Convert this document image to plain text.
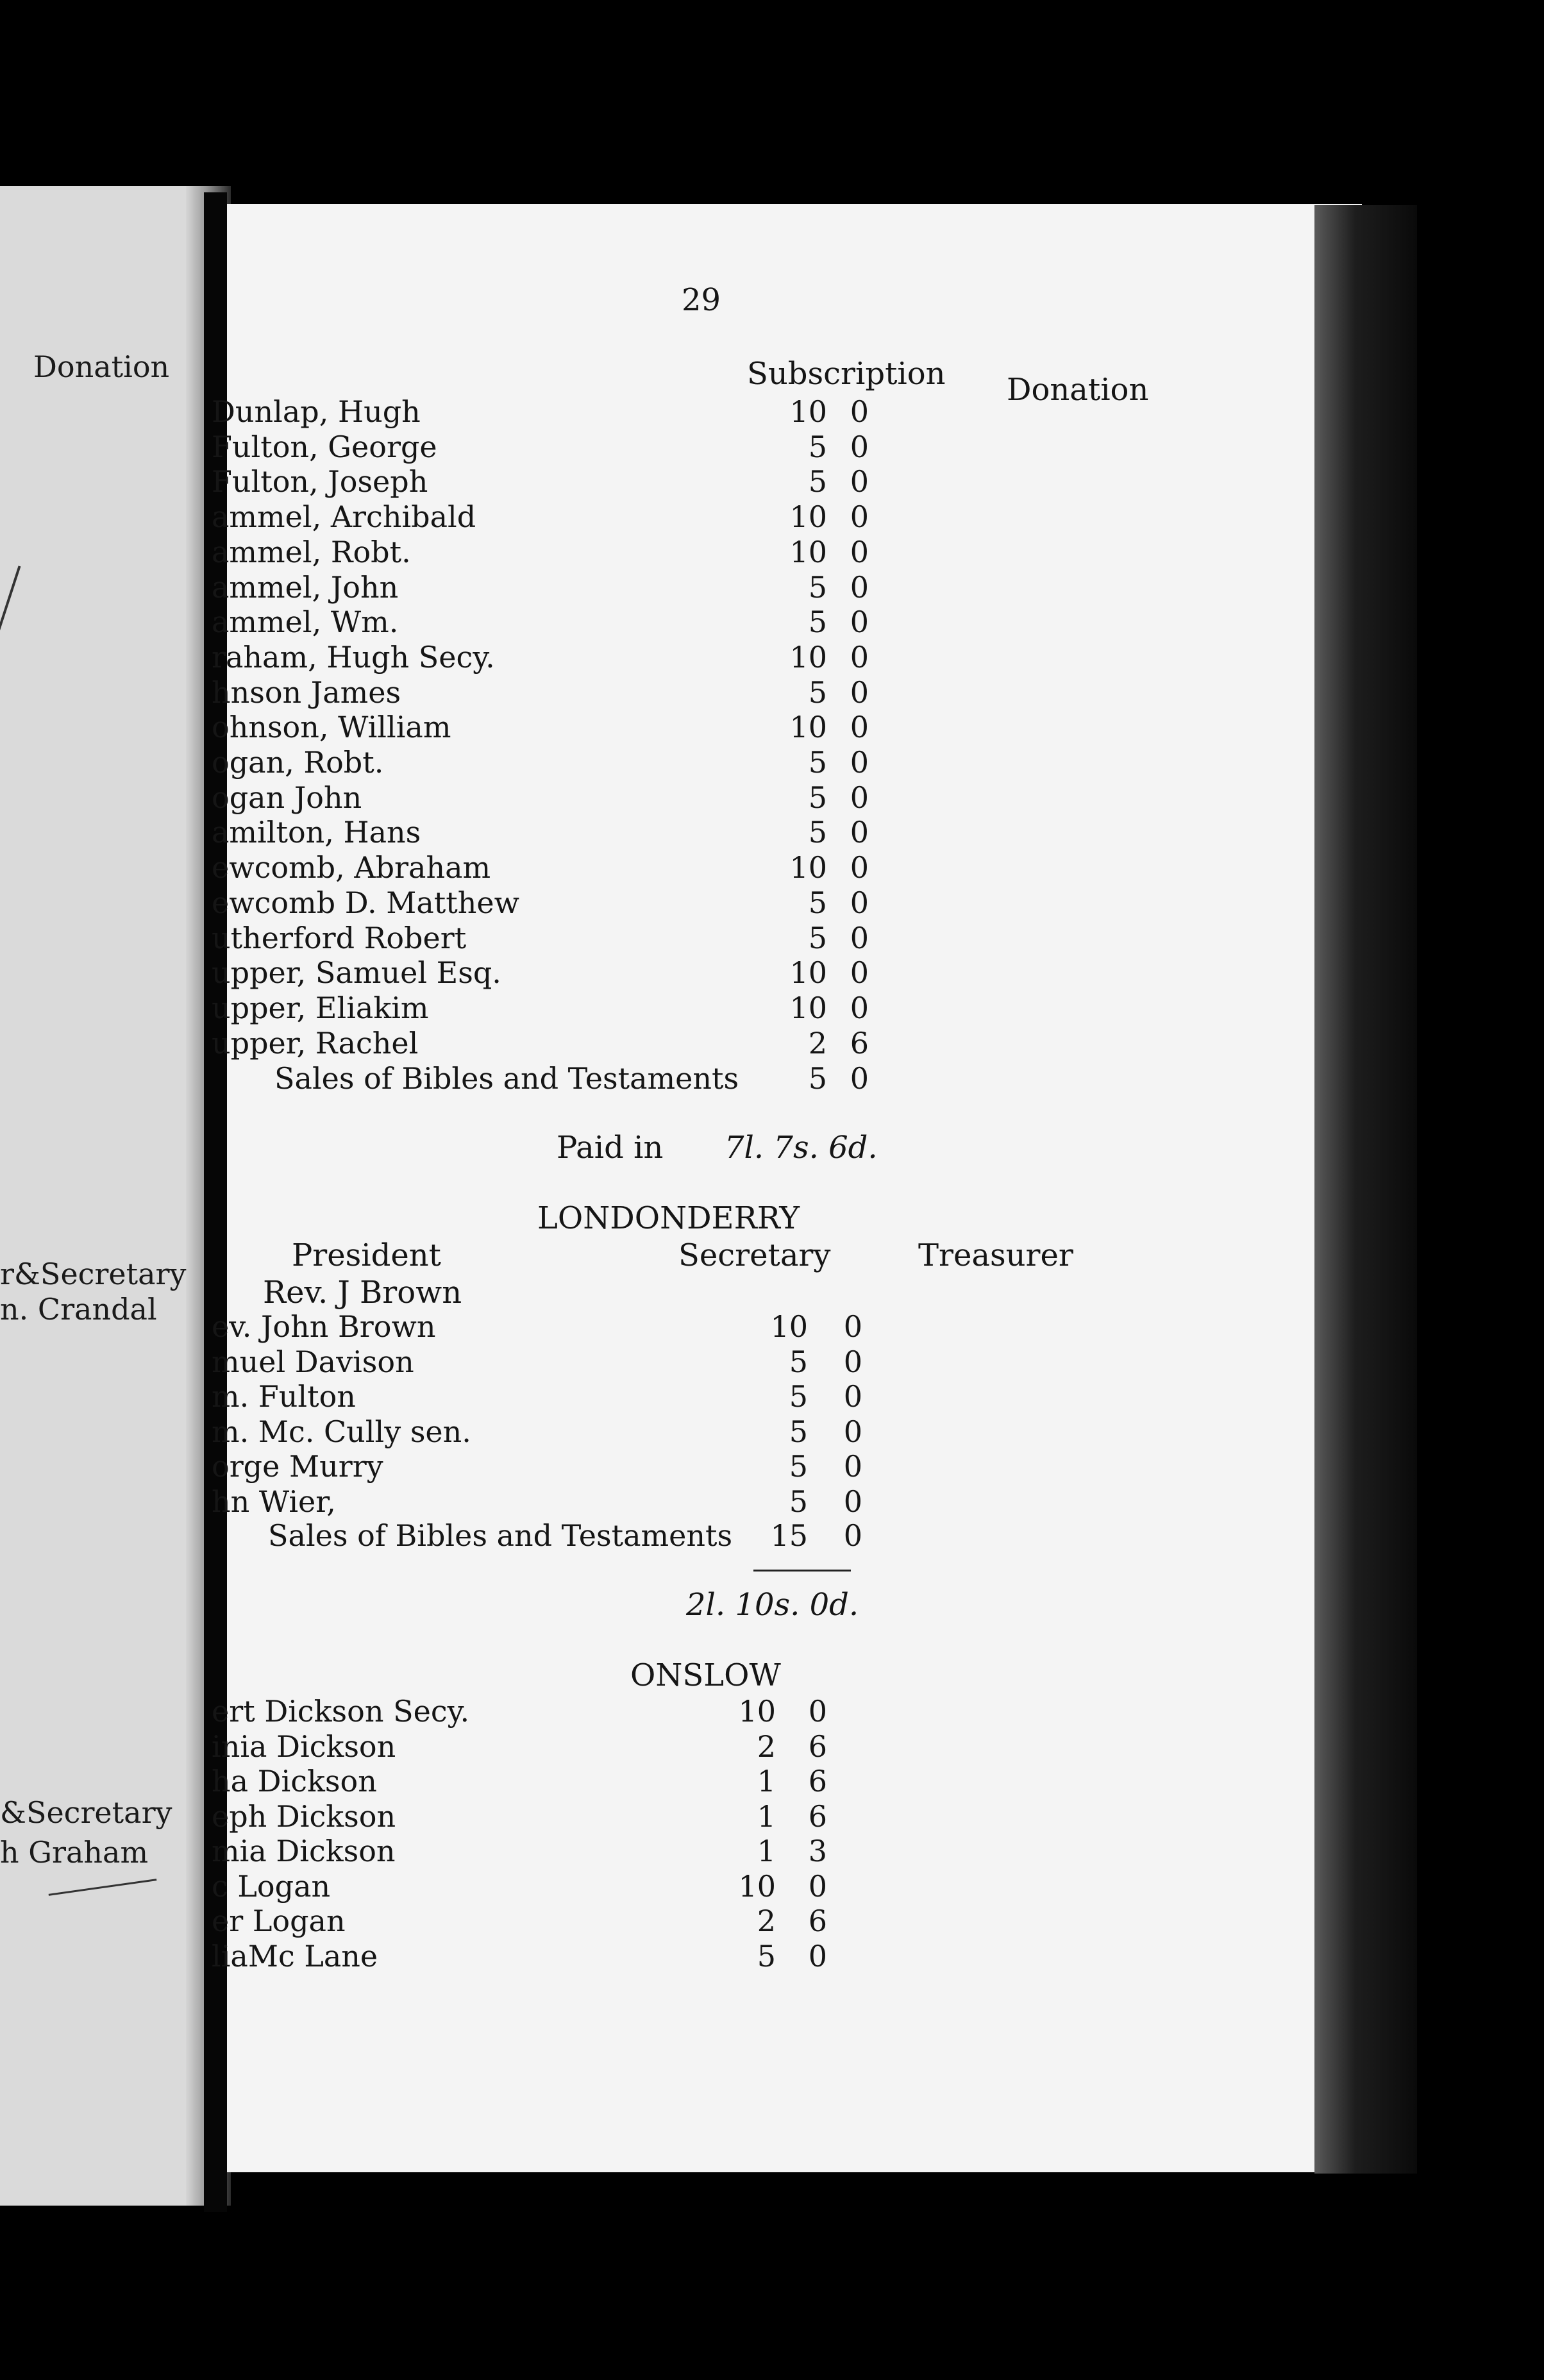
Donation
r&Secretary
n. Crandal
&Secretary
h Graham
29
Subscription Donation
Dunlap, Hugh	10 0
Fulton, George	5 0
Fulton, Joseph	5 0
ammel, Archibald	10 0
ammel, Robt.	10 0
ammel, John	5 0
ammel, Wm.	5 0
raham, Hugh Secy.	10 0
hnson James	5 0
ohnson, William	10 0
ogan, Robt.	5 0
ogan John	5 0
amilton, Hans	5 0
ewcomb, Abraham	10 0
ewcomb D. Matthew	5 0
utherford Robert	5 0
upper, Samuel Esq.	10 0
upper, Eliakim	10 0
upper, Rachel	2 6
Sales of Bibles and Testaments	5 0
Paid in 7l. 7s. 6d.
LONDONDERRY
President	Secretary	Treasurer
Rev. J Brown
ev. John Brown	10	0
muel Davison	5	0
m. Fulton	5	0
m. Mc. Cully sen.	5	0
orge Murry	5	0
hn Wier,	5	0
Sales of Bibles and Testaments	15	0
2l. 10s. 0d.
ONSLOW
ert Dickson Secy.	10	0
inia Dickson	2	6
ha Dickson	1	6
eph Dickson	1	6
mia Dickson	1	3
c Logan	10	0
er Logan	2	6
liaMc Lane	5	0
